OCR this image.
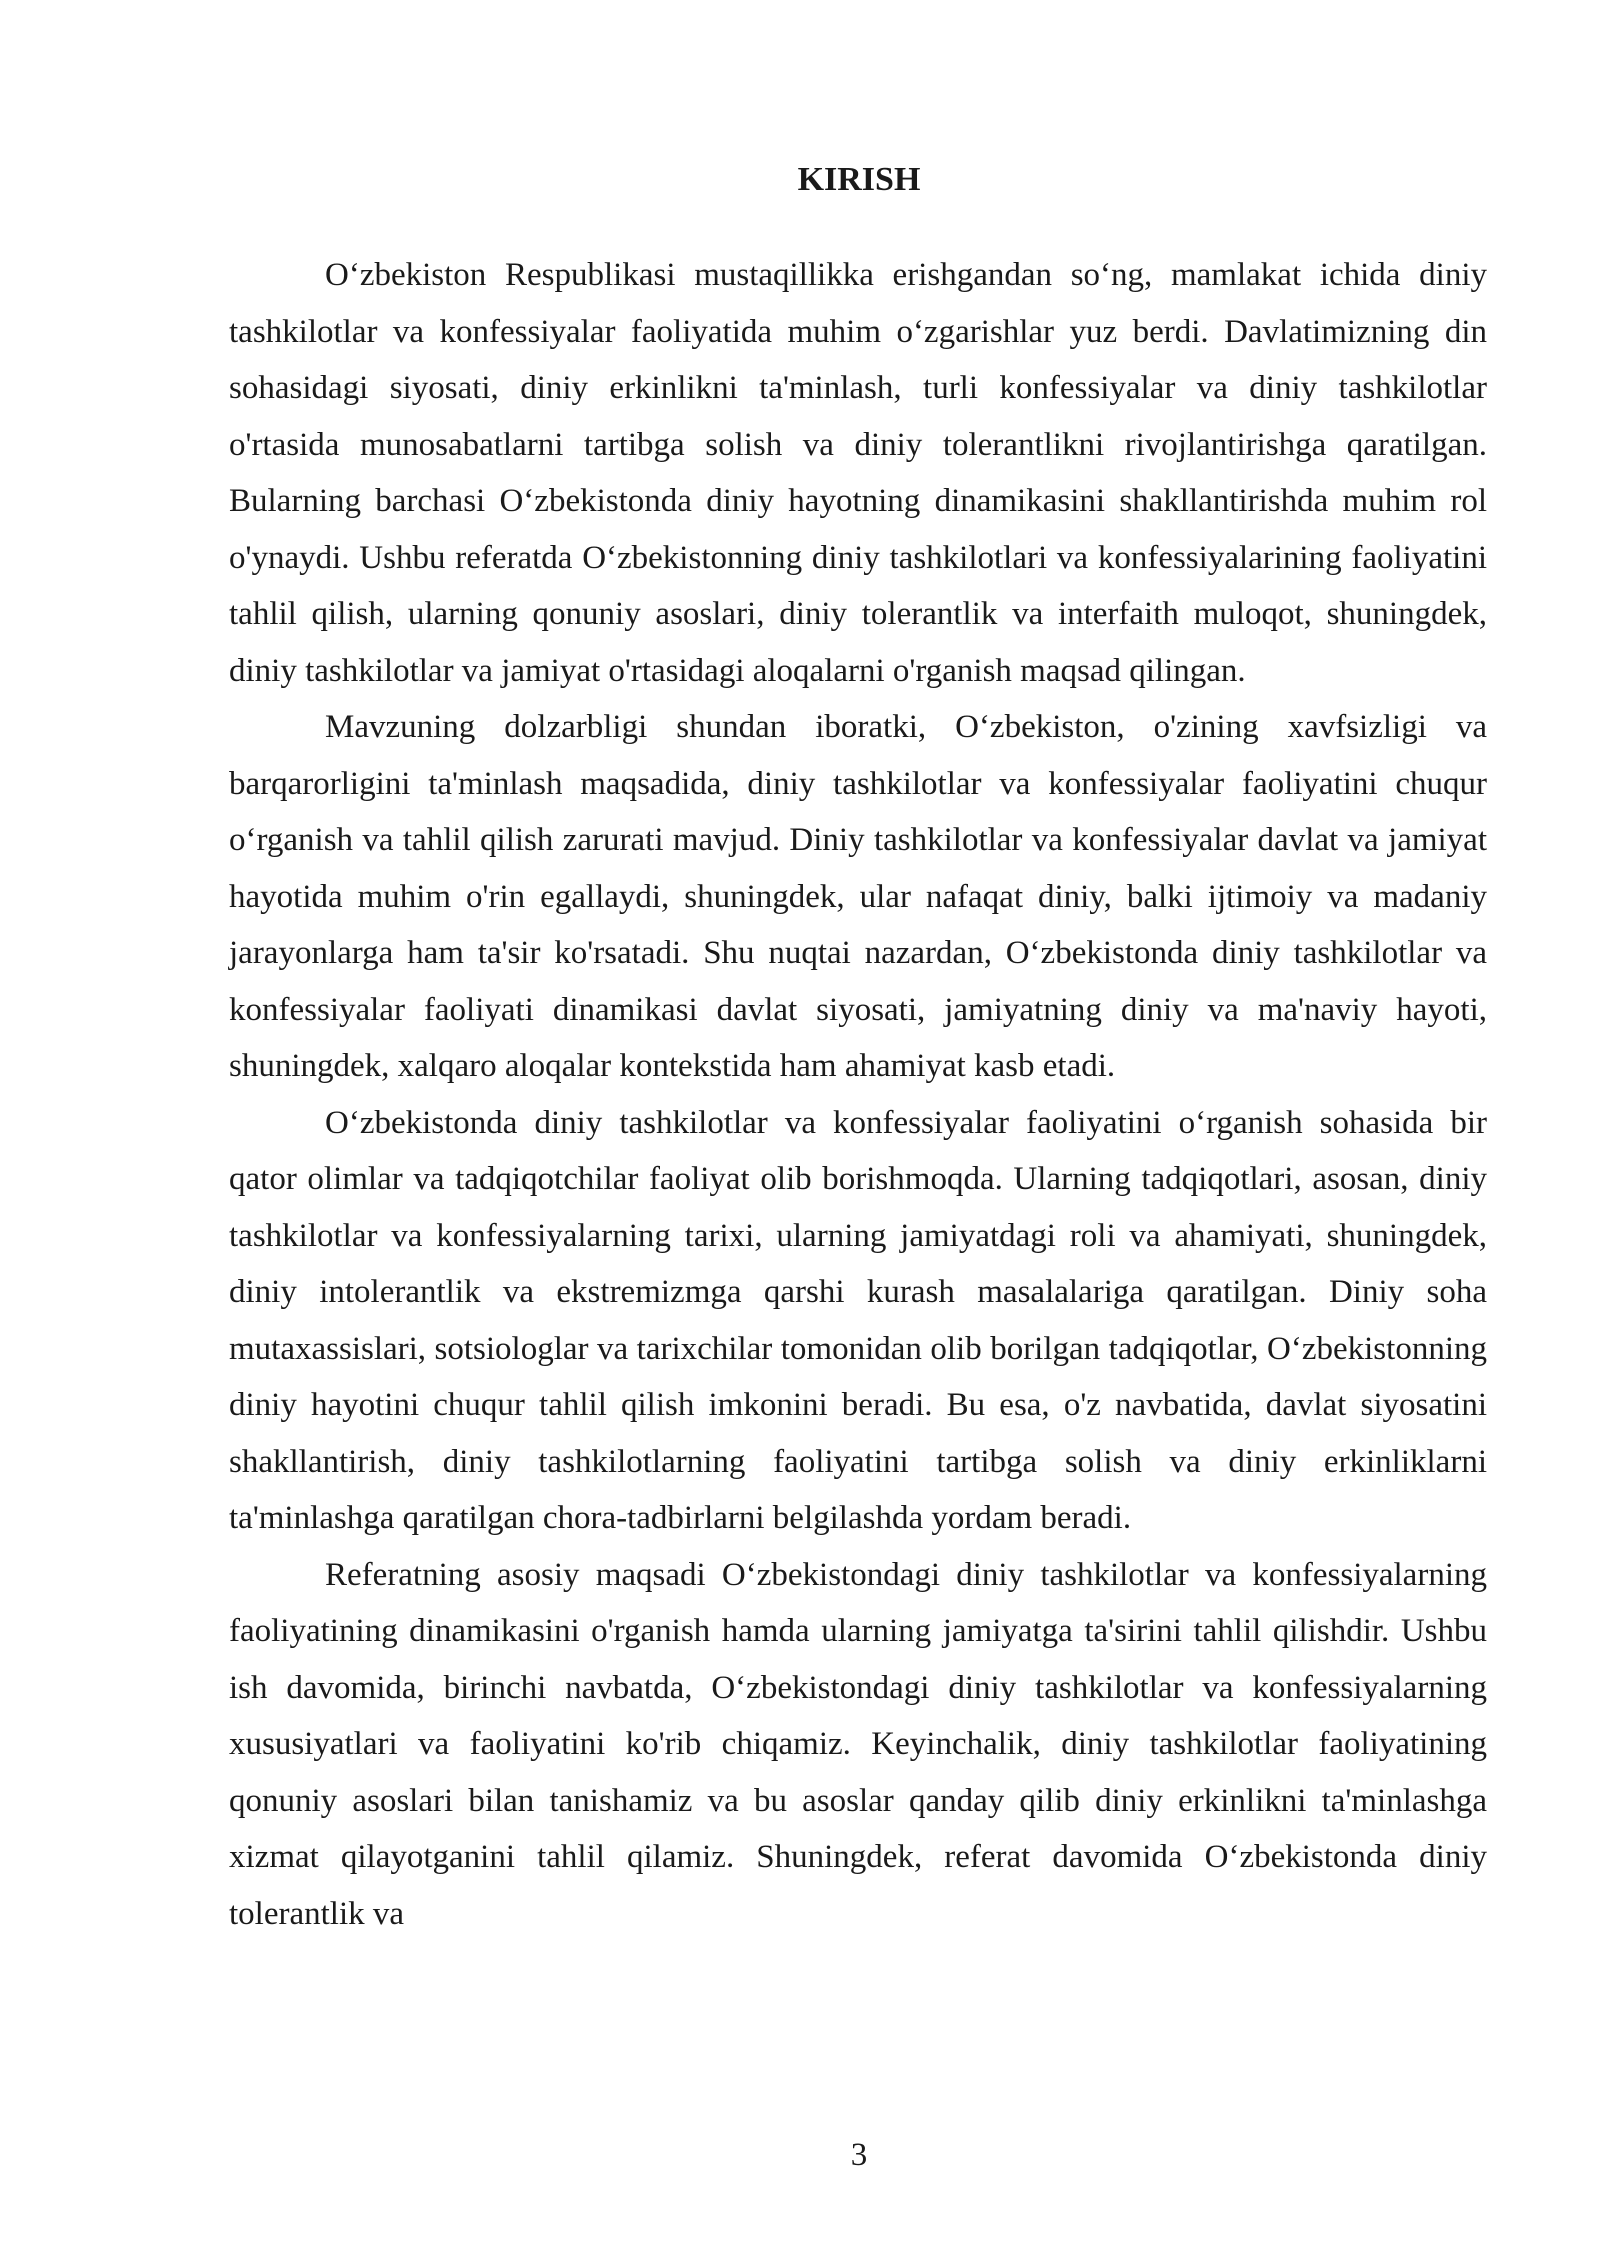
KIRISH

O‘zbekiston Respublikasi mustaqillikka erishgandan so‘ng, mamlakat ichida diniy tashkilotlar va konfessiyalar faoliyatida muhim o‘zgarishlar yuz berdi. Davlatimizning din sohasidagi siyosati, diniy erkinlikni ta'minlash, turli konfessiyalar va diniy tashkilotlar o'rtasida munosabatlarni tartibga solish va diniy tolerantlikni rivojlantirishga qaratilgan. Bularning barchasi O‘zbekistonda diniy hayotning dinamikasini shakllantirishda muhim rol o'ynaydi. Ushbu referatda O‘zbekistonning diniy tashkilotlari va konfessiyalarining faoliyatini tahlil qilish, ularning qonuniy asoslari, diniy tolerantlik va interfaith muloqot, shuningdek, diniy tashkilotlar va jamiyat o'rtasidagi aloqalarni o'rganish maqsad qilingan.

Mavzuning dolzarbligi shundan iboratki, O‘zbekiston, o'zining xavfsizligi va barqarorligini ta'minlash maqsadida, diniy tashkilotlar va konfessiyalar faoliyatini chuqur o‘rganish va tahlil qilish zarurati mavjud. Diniy tashkilotlar va konfessiyalar davlat va jamiyat hayotida muhim o'rin egallaydi, shuningdek, ular nafaqat diniy, balki ijtimoiy va madaniy jarayonlarga ham ta'sir ko'rsatadi. Shu nuqtai nazardan, O‘zbekistonda diniy tashkilotlar va konfessiyalar faoliyati dinamikasi davlat siyosati, jamiyatning diniy va ma'naviy hayoti, shuningdek, xalqaro aloqalar kontekstida ham ahamiyat kasb etadi.

O‘zbekistonda diniy tashkilotlar va konfessiyalar faoliyatini o‘rganish sohasida bir qator olimlar va tadqiqotchilar faoliyat olib borishmoqda. Ularning tadqiqotlari, asosan, diniy tashkilotlar va konfessiyalarning tarixi, ularning jamiyatdagi roli va ahamiyati, shuningdek, diniy intolerantlik va ekstremizmga qarshi kurash masalalariga qaratilgan. Diniy soha mutaxassislari, sotsiologlar va tarixchilar tomonidan olib borilgan tadqiqotlar, O‘zbekistonning diniy hayotini chuqur tahlil qilish imkonini beradi. Bu esa, o'z navbatida, davlat siyosatini shakllantirish, diniy tashkilotlarning faoliyatini tartibga solish va diniy erkinliklarni ta'minlashga qaratilgan chora-tadbirlarni belgilashda yordam beradi.

Referatning asosiy maqsadi O‘zbekistondagi diniy tashkilotlar va konfessiyalarning faoliyatining dinamikasini o'rganish hamda ularning jamiyatga ta'sirini tahlil qilishdir. Ushbu ish davomida, birinchi navbatda, O‘zbekistondagi diniy tashkilotlar va konfessiyalarning xususiyatlari va faoliyatini ko'rib chiqamiz. Keyinchalik, diniy tashkilotlar faoliyatining qonuniy asoslari bilan tanishamiz va bu asoslar qanday qilib diniy erkinlikni ta'minlashga xizmat qilayotganini tahlil qilamiz. Shuningdek, referat davomida O‘zbekistonda diniy tolerantlik va

3
